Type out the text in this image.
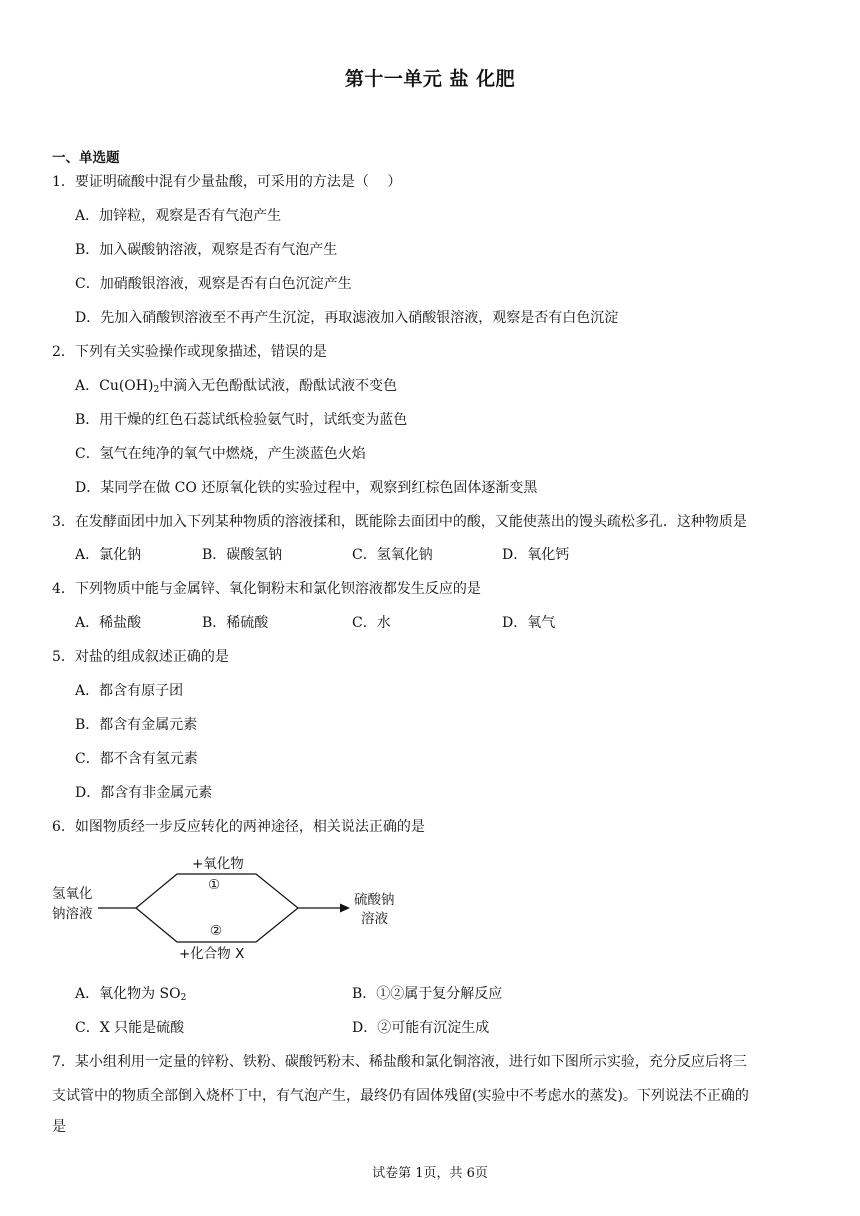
第十一单元 盐 化肥
一、单选题
1．要证明硫酸中混有少量盐酸，可采用的方法是（　 ）
A．加锌粒，观察是否有气泡产生
B．加入碳酸钠溶液，观察是否有气泡产生
C．加硝酸银溶液，观察是否有白色沉淀产生
D．先加入硝酸钡溶液至不再产生沉淀，再取滤液加入硝酸银溶液，观察是否有白色沉淀
2．下列有关实验操作或现象描述，错误的是
A．$Cu(OH)_2$中滴入无色酚酞试液，酚酞试液不变色
B．用干燥的红色石蕊试纸检验氨气时，试纸变为蓝色
C．氢气在纯净的氧气中燃烧，产生淡蓝色火焰
D．某同学在做 CO 还原氧化铁的实验过程中，观察到红棕色固体逐渐变黑
3．在发酵面团中加入下列某种物质的溶液揉和，既能除去面团中的酸，又能使蒸出的馒头疏松多孔．这种物质是
A．氯化钠	B．碳酸氢钠	C．氢氧化钠	D．氧化钙
4．下列物质中能与金属锌、氧化铜粉末和氯化钡溶液都发生反应的是
A．稀盐酸	B．稀硫酸	C．水	D．氧气
5．对盐的组成叙述正确的是
A．都含有原子团
B．都含有金属元素
C．都不含有氢元素
D．都含有非金属元素
6．如图物质经一步反应转化的两神途径，相关说法正确的是
氢氧化
钠溶液
+氧化物
①
②
+化合物 X
硫酸钠
溶液
A．氧化物为 $SO_2$	B．①②属于复分解反应
C．X 只能是硫酸	D．②可能有沉淀生成
7．某小组利用一定量的锌粉、铁粉、碳酸钙粉末、稀盐酸和氯化铜溶液，进行如下图所示实验，充分反应后将三
支试管中的物质全部倒入烧杯丁中，有气泡产生，最终仍有固体残留(实验中不考虑水的蒸发)。下列说法不正确的
是
试卷第 1页，共 6页
